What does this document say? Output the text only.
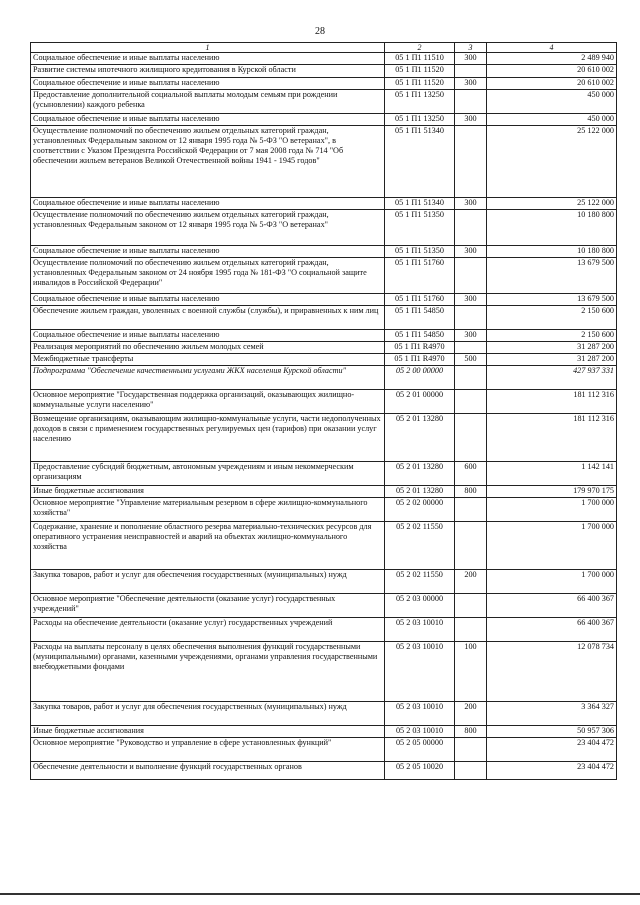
28
1	2	3	4
Социальное обеспечение и иные выплаты населению	05 1 П1 11510	300	2 489 940
Развитие системы ипотечного жилищного кредитования в Курской области	05 1 П1 11520		20 610 002
Социальное обеспечение и иные выплаты населению	05 1 П1 11520	300	20 610 002
Предоставление дополнительной социальной выплаты молодым семьям при рождении (усыновлении) каждого ребенка	05 1 П1 13250		450 000
Социальное обеспечение и иные выплаты населению	05 1 П1 13250	300	450 000
Осуществление полномочий по обеспечению жильем отдельных категорий граждан, установленных Федеральным законом от 12 января 1995 года № 5-ФЗ "О ветеранах", в соответствии с Указом Президента Российской Федерации от 7 мая 2008 года № 714 "Об обеспечении жильем ветеранов Великой Отечественной войны 1941 - 1945 годов"	05 1 П1 51340		25 122 000
Социальное обеспечение и иные выплаты населению	05 1 П1 51340	300	25 122 000
Осуществление полномочий по обеспечению жильем отдельных категорий граждан, установленных Федеральным законом от 12 января 1995 года № 5-ФЗ "О ветеранах"	05 1 П1 51350		10 180 800
Социальное обеспечение и иные выплаты населению	05 1 П1 51350	300	10 180 800
Осуществление полномочий по обеспечению жильем отдельных категорий граждан, установленных Федеральным законом от 24 ноября 1995 года № 181-ФЗ "О социальной защите инвалидов в Российской Федерации"	05 1 П1 51760		13 679 500
Социальное обеспечение и иные выплаты населению	05 1 П1 51760	300	13 679 500
Обеспечение жильем граждан, уволенных с военной службы (службы), и приравненных к ним лиц	05 1 П1 54850		2 150 600
Социальное обеспечение и иные выплаты населению	05 1 П1 54850	300	2 150 600
Реализация мероприятий по обеспечению жильем молодых семей	05 1 П1 R4970		31 287 200
Межбюджетные трансферты	05 1 П1 R4970	500	31 287 200
Подпрограмма "Обеспечение качественными услугами ЖКХ населения Курской области"	05 2 00 00000		427 937 331
Основное мероприятие "Государственная поддержка организаций, оказывающих жилищно-коммунальные услуги населению"	05 2 01 00000		181 112 316
Возмещение организациям, оказывающим жилищно-коммунальные услуги, части недополученных доходов в связи с применением государственных регулируемых цен (тарифов) при оказании услуг населению	05 2 01 13280		181 112 316
Предоставление субсидий бюджетным, автономным учреждениям и иным некоммерческим организациям	05 2 01 13280	600	1 142 141
Иные бюджетные ассигнования	05 2 01 13280	800	179 970 175
Основное мероприятие "Управление материальным резервом в сфере жилищно-коммунального хозяйства"	05 2 02 00000		1 700 000
Содержание, хранение и пополнение областного резерва материально-технических ресурсов для оперативного устранения неисправностей и аварий на объектах жилищно-коммунального хозяйства	05 2 02 11550		1 700 000
Закупка товаров, работ и услуг для обеспечения государственных (муниципальных) нужд	05 2 02 11550	200	1 700 000
Основное мероприятие "Обеспечение деятельности (оказание услуг) государственных учреждений"	05 2 03 00000		66 400 367
Расходы на обеспечение деятельности (оказание услуг) государственных учреждений	05 2 03 10010		66 400 367
Расходы на выплаты персоналу в целях обеспечения выполнения функций государственными (муниципальными) органами, казенными учреждениями, органами управления государственными внебюджетными фондами	05 2 03 10010	100	12 078 734
Закупка товаров, работ и услуг для обеспечения государственных (муниципальных) нужд	05 2 03 10010	200	3 364 327
Иные бюджетные ассигнования	05 2 03 10010	800	50 957 306
Основное мероприятие "Руководство и управление в сфере установленных функций"	05 2 05 00000		23 404 472
Обеспечение деятельности и выполнение функций государственных органов	05 2 05 10020		23 404 472
